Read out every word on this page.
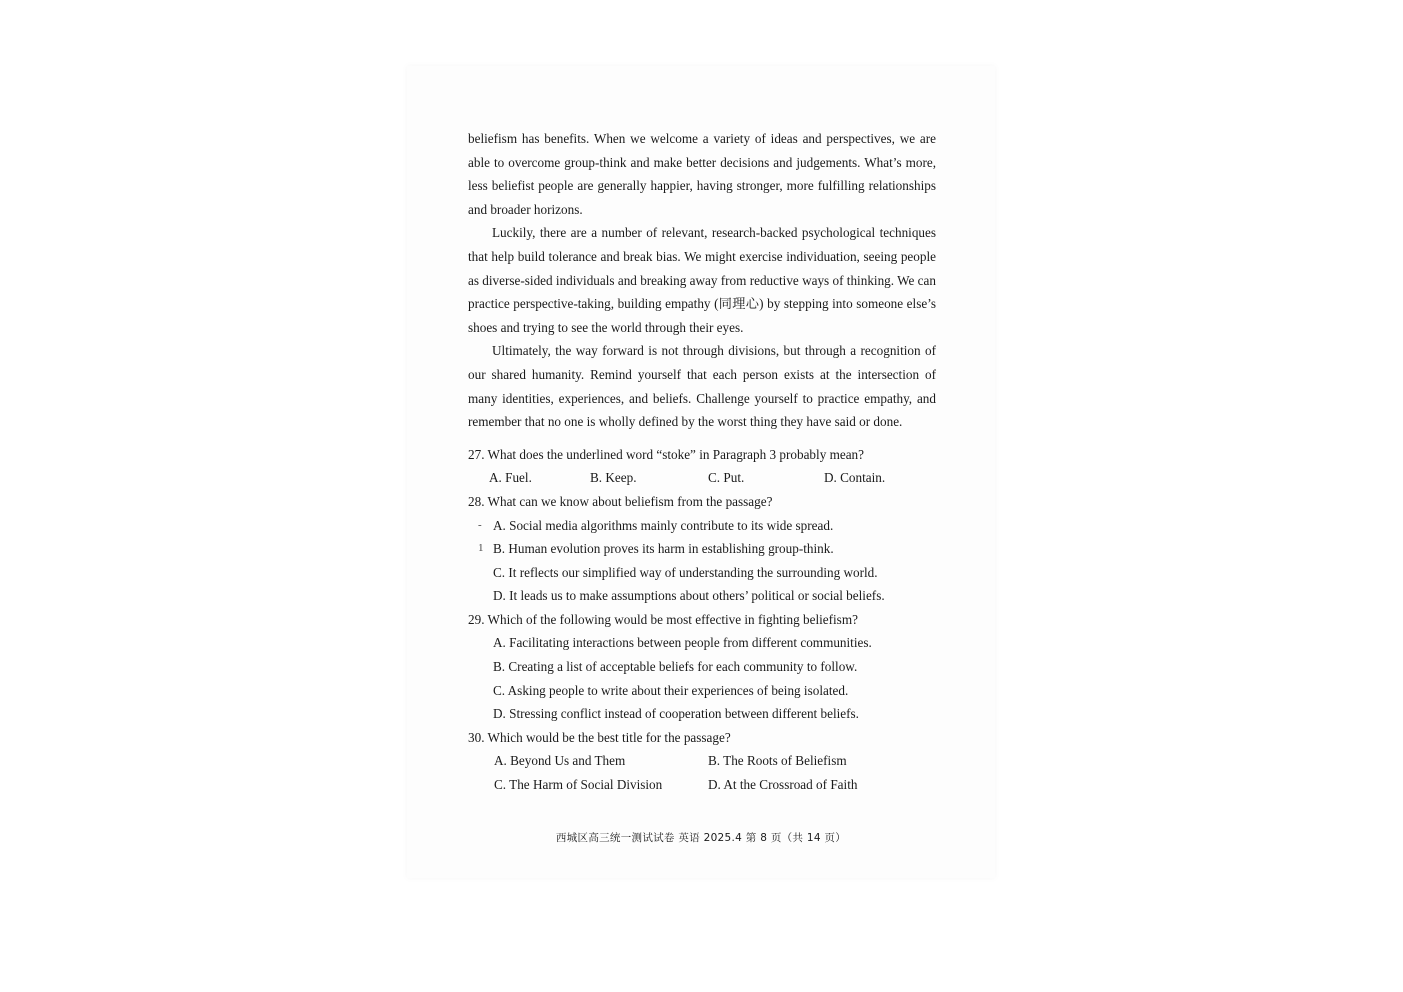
beliefism has benefits. When we welcome a variety of ideas and perspectives, we are able to overcome group-think and make better decisions and judgements. What’s more, less beliefist people are generally happier, having stronger, more fulfilling relationships and broader horizons.

Luckily, there are a number of relevant, research-backed psychological techniques that help build tolerance and break bias. We might exercise individuation, seeing people as diverse-sided individuals and breaking away from reductive ways of thinking. We can practice perspective-taking, building empathy (同理心) by stepping into someone else’s shoes and trying to see the world through their eyes.

Ultimately, the way forward is not through divisions, but through a recognition of our shared humanity. Remind yourself that each person exists at the intersection of many identities, experiences, and beliefs. Challenge yourself to practice empathy, and remember that no one is wholly defined by the worst thing they have said or done.

27. What does the underlined word “stoke” in Paragraph 3 probably mean?
A. Fuel.	B. Keep.	C. Put.	D. Contain.
28. What can we know about beliefism from the passage?
- A. Social media algorithms mainly contribute to its wide spread.
1 B. Human evolution proves its harm in establishing group-think.
C. It reflects our simplified way of understanding the surrounding world.
D. It leads us to make assumptions about others’ political or social beliefs.
29. Which of the following would be most effective in fighting beliefism?
A. Facilitating interactions between people from different communities.
B. Creating a list of acceptable beliefs for each community to follow.
C. Asking people to write about their experiences of being isolated.
D. Stressing conflict instead of cooperation between different beliefs.
30. Which would be the best title for the passage?
A. Beyond Us and Them	B. The Roots of Beliefism
C. The Harm of Social Division	D. At the Crossroad of Faith
西城区高三统一测试试卷 英语 2025.4 第 8 页（共 14 页）
